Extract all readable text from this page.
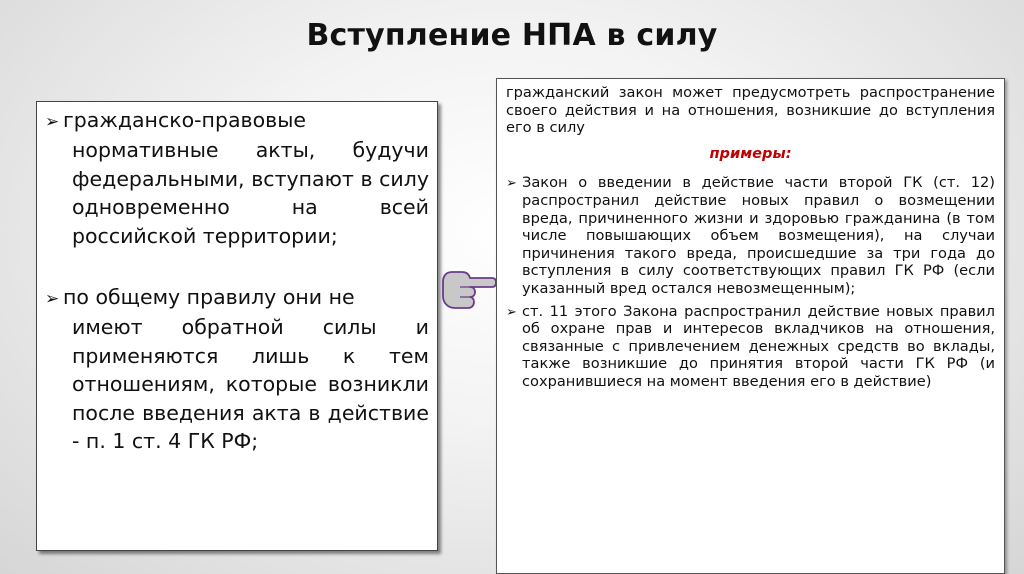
Вступление НПА в силу
➢ гражданско-правовые
нормативные акты, будучи федеральными, вступают в силу одновременно на всей российской территории;
➢ по общему правилу они не
имеют обратной силы и применяются лишь к тем отношениям, которые возникли после введения акта в действие - п. 1 ст. 4 ГК РФ;
гражданский закон может предусмотреть распространение своего действия и на отношения, возникшие до вступления его в силу
примеры:
➢ Закон о введении в действие части второй ГК (ст. 12) распространил действие новых правил о возмещении вреда, причиненного жизни и здоровью гражданина (в том числе повышающих объем возмещения), на случаи причинения такого вреда, происшедшие за три года до вступления в силу соответствующих правил ГК РФ (если указанный вред остался невозмещенным);
➢ ст. 11 этого Закона распространил действие новых правил об охране прав и интересов вкладчиков на отношения, связанные с привлечением денежных средств во вклады, также возникшие до принятия второй части ГК РФ (и сохранившиеся на момент введения его в действие)
